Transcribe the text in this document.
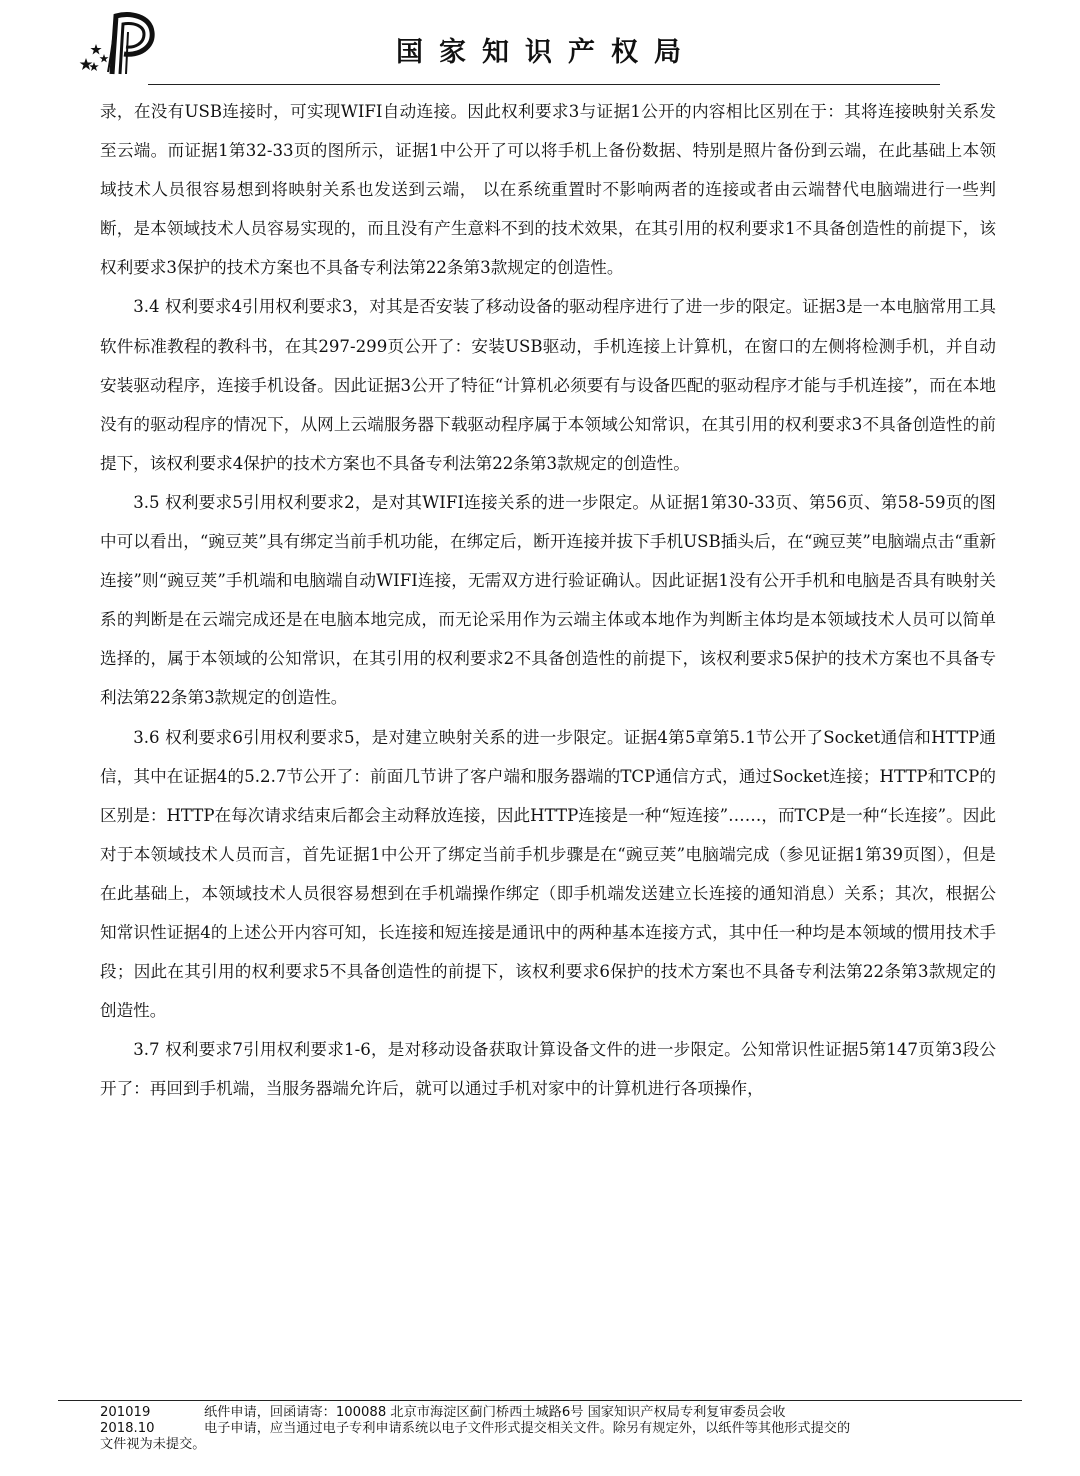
国家知识产权局

录，在没有USB连接时，可实现WIFI自动连接。因此权利要求3与证据1公开的内容相比区别在于：其将连接映射关系发至云端。而证据1第32-33页的图所示，证据1中公开了可以将手机上备份数据、特别是照片备份到云端，在此基础上本领域技术人员很容易想到将映射关系也发送到云端， 以在系统重置时不影响两者的连接或者由云端替代电脑端进行一些判断，是本领域技术人员容易实现的，而且没有产生意料不到的技术效果，在其引用的权利要求1不具备创造性的前提下，该权利要求3保护的技术方案也不具备专利法第22条第3款规定的创造性。

3.4 权利要求4引用权利要求3，对其是否安装了移动设备的驱动程序进行了进一步的限定。证据3是一本电脑常用工具软件标准教程的教科书，在其297-299页公开了：安装USB驱动，手机连接上计算机，在窗口的左侧将检测手机，并自动安装驱动程序，连接手机设备。因此证据3公开了特征“计算机必须要有与设备匹配的驱动程序才能与手机连接”，而在本地没有的驱动程序的情况下，从网上云端服务器下载驱动程序属于本领域公知常识，在其引用的权利要求3不具备创造性的前提下，该权利要求4保护的技术方案也不具备专利法第22条第3款规定的创造性。

3.5 权利要求5引用权利要求2，是对其WIFI连接关系的进一步限定。从证据1第30-33页、第56页、第58-59页的图中可以看出，“豌豆荚”具有绑定当前手机功能，在绑定后，断开连接并拔下手机USB插头后，在“豌豆荚”电脑端点击“重新连接”则“豌豆荚”手机端和电脑端自动WIFI连接，无需双方进行验证确认。因此证据1没有公开手机和电脑是否具有映射关系的判断是在云端完成还是在电脑本地完成，而无论采用作为云端主体或本地作为判断主体均是本领域技术人员可以简单选择的，属于本领域的公知常识，在其引用的权利要求2不具备创造性的前提下，该权利要求5保护的技术方案也不具备专利法第22条第3款规定的创造性。

3.6 权利要求6引用权利要求5，是对建立映射关系的进一步限定。证据4第5章第5.1节公开了Socket通信和HTTP通信，其中在证据4的5.2.7节公开了：前面几节讲了客户端和服务器端的TCP通信方式，通过Socket连接；HTTP和TCP的区别是：HTTP在每次请求结束后都会主动释放连接，因此HTTP连接是一种“短连接”……，而TCP是一种“长连接”。因此对于本领域技术人员而言，首先证据1中公开了绑定当前手机步骤是在“豌豆荚”电脑端完成（参见证据1第39页图），但是在此基础上，本领域技术人员很容易想到在手机端操作绑定（即手机端发送建立长连接的通知消息）关系；其次，根据公知常识性证据4的上述公开内容可知，长连接和短连接是通讯中的两种基本连接方式，其中任一种均是本领域的惯用技术手段；因此在其引用的权利要求5不具备创造性的前提下，该权利要求6保护的技术方案也不具备专利法第22条第3款规定的创造性。

3.7 权利要求7引用权利要求1-6，是对移动设备获取计算设备文件的进一步限定。公知常识性证据5第147页第3段公开了：再回到手机端，当服务器端允许后，就可以通过手机对家中的计算机进行各项操作，

201019	纸件申请，回函请寄：100088 北京市海淀区蓟门桥西土城路6号 国家知识产权局专利复审委员会收
2018.10	电子申请，应当通过电子专利申请系统以电子文件形式提交相关文件。除另有规定外，以纸件等其他形式提交的
文件视为未提交。
